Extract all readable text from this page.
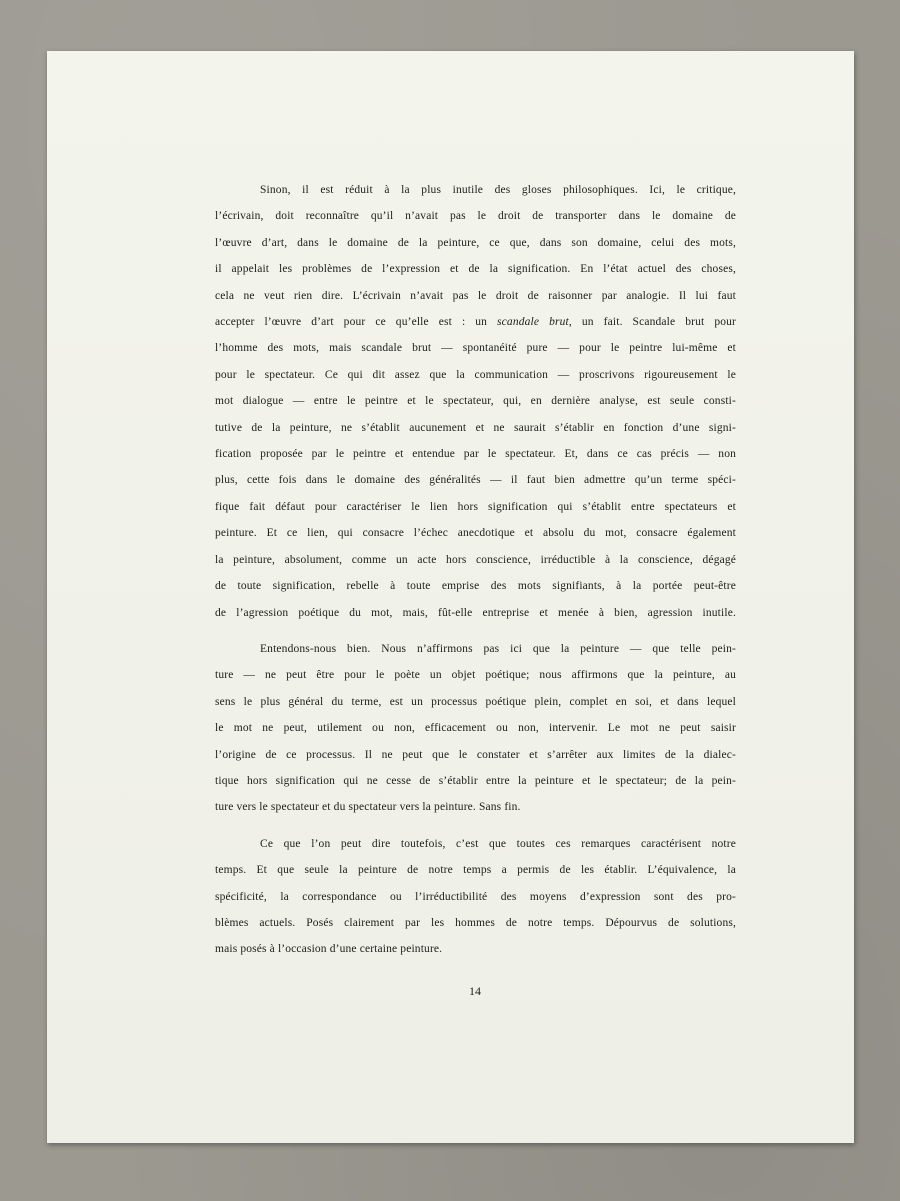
Sinon, il est réduit à la plus inutile des gloses philosophiques. Ici, le critique,
l’écrivain, doit reconnaître qu’il n’avait pas le droit de transporter dans le domaine de
l’œuvre d’art, dans le domaine de la peinture, ce que, dans son domaine, celui des mots,
il appelait les problèmes de l’expression et de la signification. En l’état actuel des choses,
cela ne veut rien dire. L’écrivain n’avait pas le droit de raisonner par analogie. Il lui faut
accepter l’œuvre d’art pour ce qu’elle est : un scandale brut, un fait. Scandale brut pour
l’homme des mots, mais scandale brut — spontanéité pure — pour le peintre lui-même et
pour le spectateur. Ce qui dit assez que la communication — proscrivons rigoureusement le
mot dialogue — entre le peintre et le spectateur, qui, en dernière analyse, est seule consti-
tutive de la peinture, ne s’établit aucunement et ne saurait s’établir en fonction d’une signi-
fication proposée par le peintre et entendue par le spectateur. Et, dans ce cas précis — non
plus, cette fois dans le domaine des généralités — il faut bien admettre qu’un terme spéci-
fique fait défaut pour caractériser le lien hors signification qui s’établit entre spectateurs et
peinture. Et ce lien, qui consacre l’échec anecdotique et absolu du mot, consacre également
la peinture, absolument, comme un acte hors conscience, irréductible à la conscience, dégagé
de toute signification, rebelle à toute emprise des mots signifiants, à la portée peut-être
de l’agression poétique du mot, mais, fût-elle entreprise et menée à bien, agression inutile.

Entendons-nous bien. Nous n’affirmons pas ici que la peinture — que telle pein-
ture — ne peut être pour le poète un objet poétique; nous affirmons que la peinture, au
sens le plus général du terme, est un processus poétique plein, complet en soi, et dans lequel
le mot ne peut, utilement ou non, efficacement ou non, intervenir. Le mot ne peut saisir
l’origine de ce processus. Il ne peut que le constater et s’arrêter aux limites de la dialec-
tique hors signification qui ne cesse de s’établir entre la peinture et le spectateur; de la pein-
ture vers le spectateur et du spectateur vers la peinture. Sans fin.

Ce que l’on peut dire toutefois, c’est que toutes ces remarques caractérisent notre
temps. Et que seule la peinture de notre temps a permis de les établir. L’équivalence, la
spécificité, la correspondance ou l’irréductibilité des moyens d’expression sont des pro-
blèmes actuels. Posés clairement par les hommes de notre temps. Dépourvus de solutions,
mais posés à l’occasion d’une certaine peinture.

14
